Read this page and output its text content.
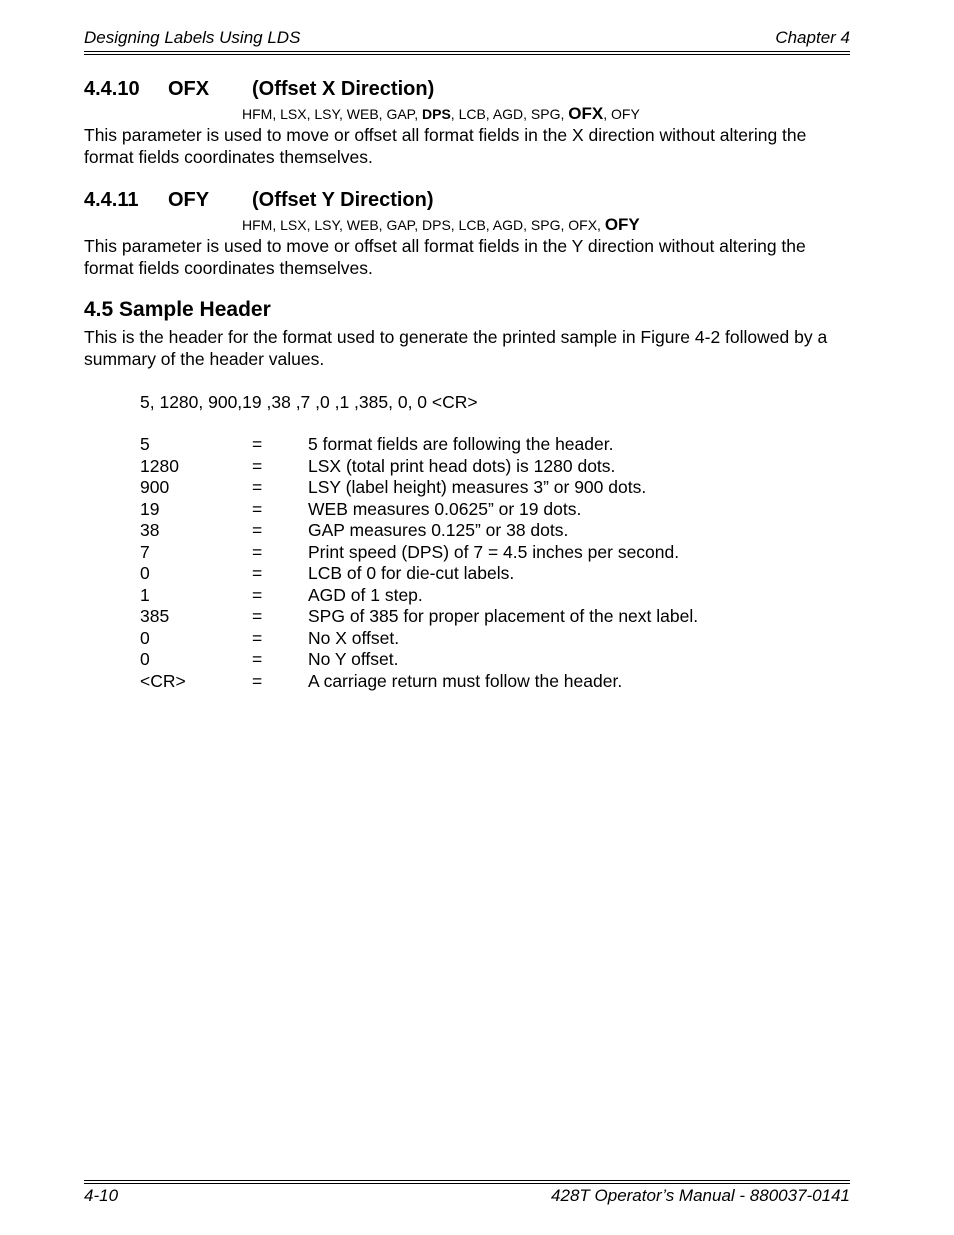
Designing Labels Using LDS	Chapter 4
4.4.10 OFX (Offset X Direction)
HFM, LSX, LSY, WEB, GAP, DPS, LCB, AGD, SPG, OFX, OFY
This parameter is used to move or offset all format fields in the X direction without altering the format fields coordinates themselves.
4.4.11 OFY (Offset Y Direction)
HFM, LSX, LSY, WEB, GAP, DPS, LCB, AGD, SPG, OFX, OFY
This parameter is used to move or offset all format fields in the Y direction without altering the format fields coordinates themselves.
4.5 Sample Header
This is the header for the format used to generate the printed sample in Figure 4-2 followed by a summary of the header values.
5, 1280, 900,19 ,38 ,7 ,0 ,1 ,385, 0, 0 <CR>
5	=	5 format fields are following the header.
1280	=	LSX (total print head dots) is 1280 dots.
900	=	LSY (label height) measures 3” or 900 dots.
19	=	WEB measures 0.0625” or 19 dots.
38	=	GAP measures 0.125” or 38 dots.
7	=	Print speed (DPS) of 7 = 4.5 inches per second.
0	=	LCB of 0 for die-cut labels.
1	=	AGD of 1 step.
385	=	SPG of 385 for proper placement of the next label.
0	=	No X offset.
0	=	No Y offset.
<CR>	=	A carriage return must follow the header.
4-10	428T Operator’s Manual - 880037-0141
